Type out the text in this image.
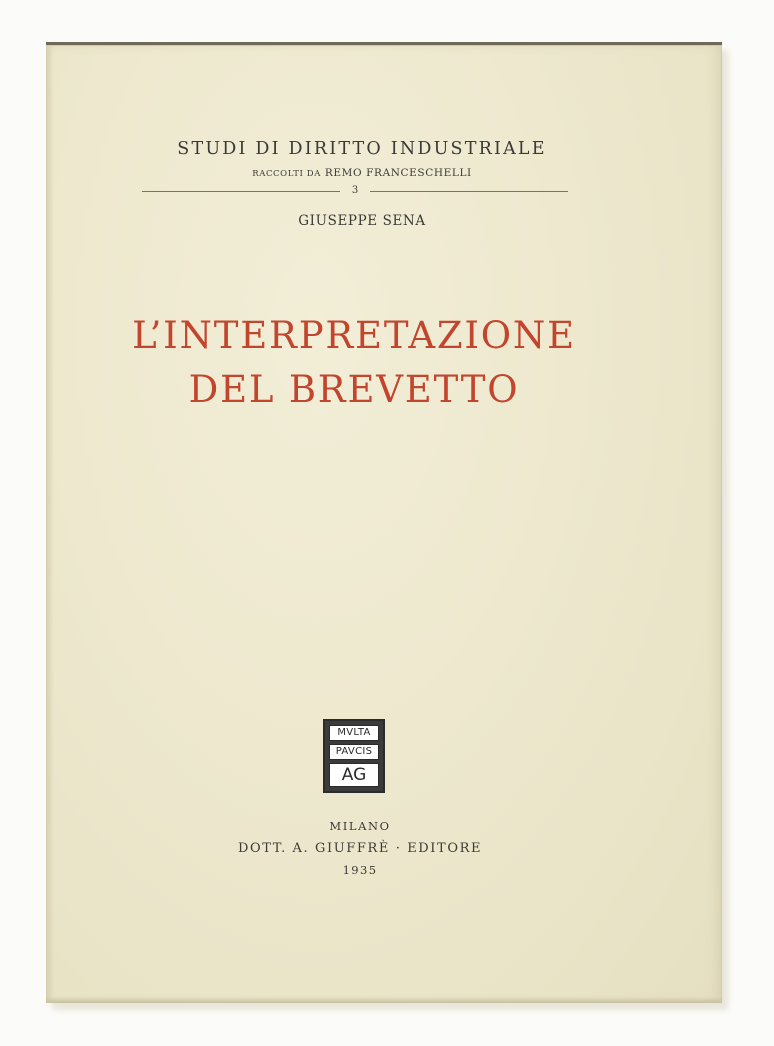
STUDI DI DIRITTO INDUSTRIALE
RACCOLTI DA REMO FRANCESCHELLI
3
GIUSEPPE SENA
L’INTERPRETAZIONE
DEL BREVETTO
MVLTA
PAVCIS
AG
MILANO
DOTT. A. GIUFFRÈ · EDITORE
1935
